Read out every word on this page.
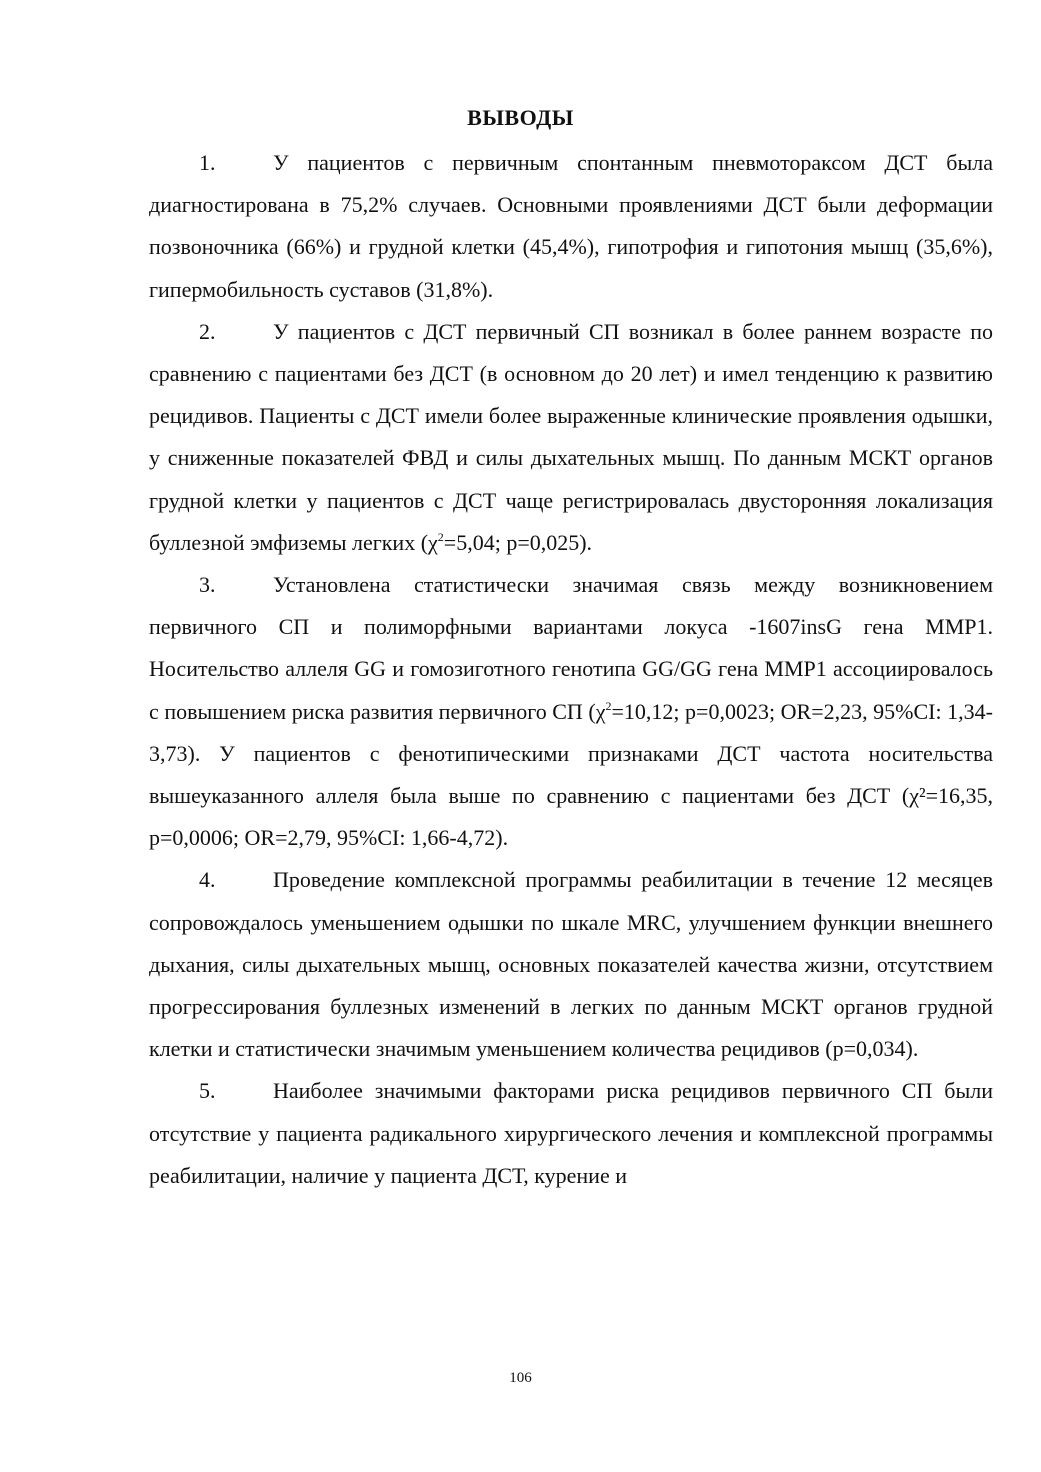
ВЫВОДЫ

1.	У пациентов с первичным спонтанным пневмотораксом ДСТ была диагностирована в 75,2% случаев. Основными проявлениями ДСТ были деформации позвоночника (66%) и грудной клетки (45,4%), гипотрофия и гипотония мышц (35,6%), гипермобильность суставов (31,8%).

2.	У пациентов с ДСТ первичный СП возникал в более раннем возрасте по сравнению с пациентами без ДСТ (в основном до 20 лет) и имел тенденцию к развитию рецидивов. Пациенты с ДСТ имели более выраженные клинические проявления одышки, у сниженные показателей ФВД и силы дыхательных мышц. По данным МСКТ органов грудной клетки у пациентов с ДСТ чаще регистрировалась двусторонняя локализация буллезной эмфиземы легких ($\chi^2=5,04$; р=0,025).

3.	Установлена статистически значимая связь между возникновением первичного СП и полиморфными вариантами локуса -1607insG гена ММР1. Носительство аллеля GG и гомозиготного генотипа GG/GG гена MMP1 ассоциировалось с повышением риска развития первичного СП ($\chi^2=10,12$; p=0,0023; OR=2,23, 95%CI: 1,34-3,73). У пациентов с фенотипическими признаками ДСТ частота носительства вышеуказанного аллеля была выше по сравнению с пациентами без ДСТ (χ²=16,35, p=0,0006; OR=2,79, 95%CI: 1,66-4,72).

4.	Проведение комплексной программы реабилитации в течение 12 месяцев сопровождалось уменьшением одышки по шкале MRC, улучшением функции внешнего дыхания, силы дыхательных мышц, основных показателей качества жизни, отсутствием прогрессирования буллезных изменений в легких по данным МСКТ органов грудной клетки и статистически значимым уменьшением количества рецидивов (р=0,034).

5.	Наиболее значимыми факторами риска рецидивов первичного СП были отсутствие у пациента радикального хирургического лечения и комплексной программы реабилитации, наличие у пациента ДСТ, курение и

106
